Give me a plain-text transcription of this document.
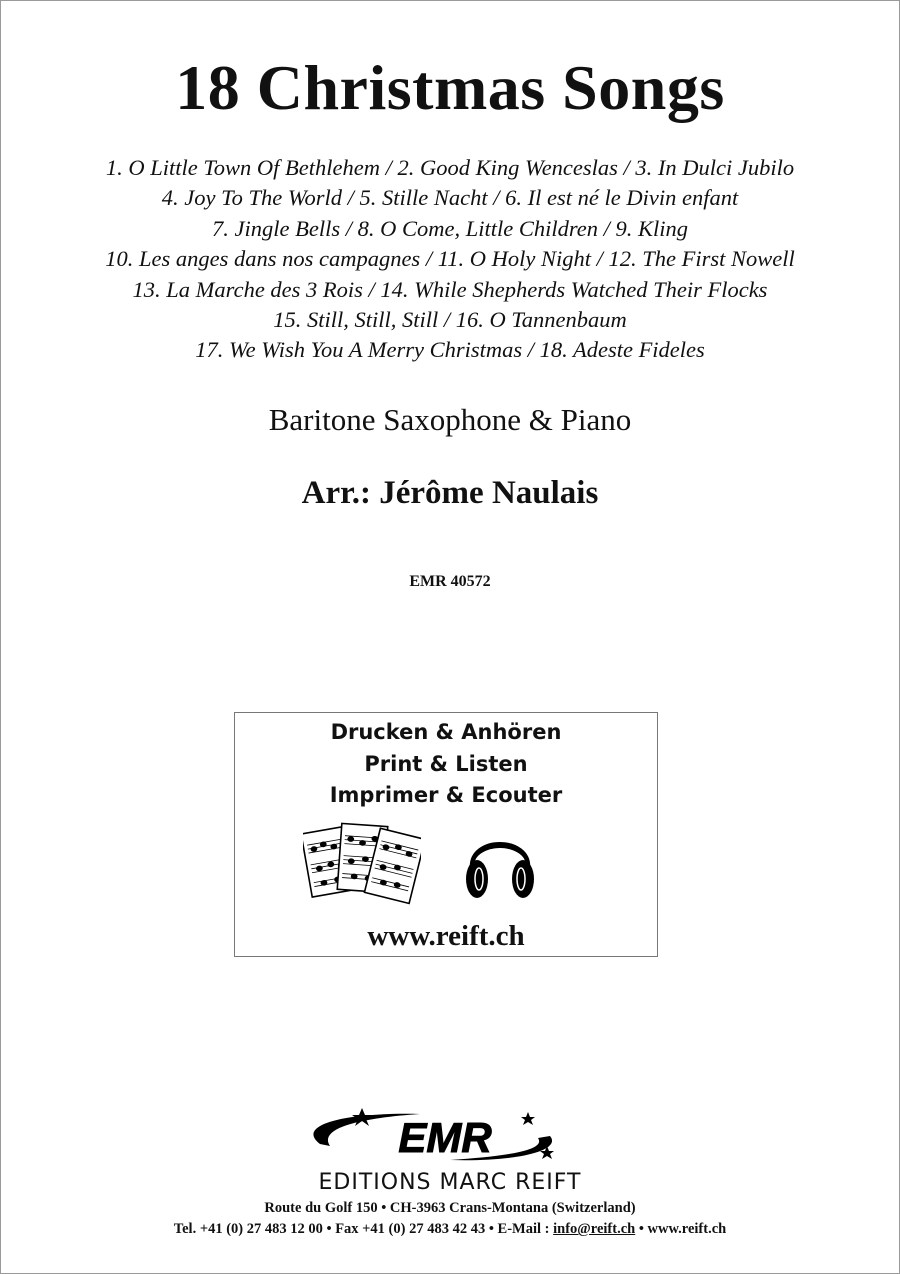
18 Christmas Songs
1. O Little Town Of Bethlehem / 2. Good King Wenceslas / 3. In Dulci Jubilo
4. Joy To The World / 5. Stille Nacht / 6. Il est né le Divin enfant
7. Jingle Bells / 8. O Come, Little Children / 9. Kling
10. Les anges dans nos campagnes / 11. O Holy Night / 12. The First Nowell
13. La Marche des 3 Rois / 14. While Shepherds Watched Their Flocks
15. Still, Still, Still / 16. O Tannenbaum
17. We Wish You A Merry Christmas / 18. Adeste Fideles
Baritone Saxophone & Piano
Arr.: Jérôme Naulais
EMR 40572
Drucken & Anhören
Print & Listen
Imprimer & Ecouter
www.reift.ch
EMR
EDITIONS MARC REIFT
Route du Golf 150 • CH-3963 Crans-Montana (Switzerland)
Tel. +41 (0) 27 483 12 00 • Fax +41 (0) 27 483 42 43 • E-Mail : info@reift.ch • www.reift.ch
